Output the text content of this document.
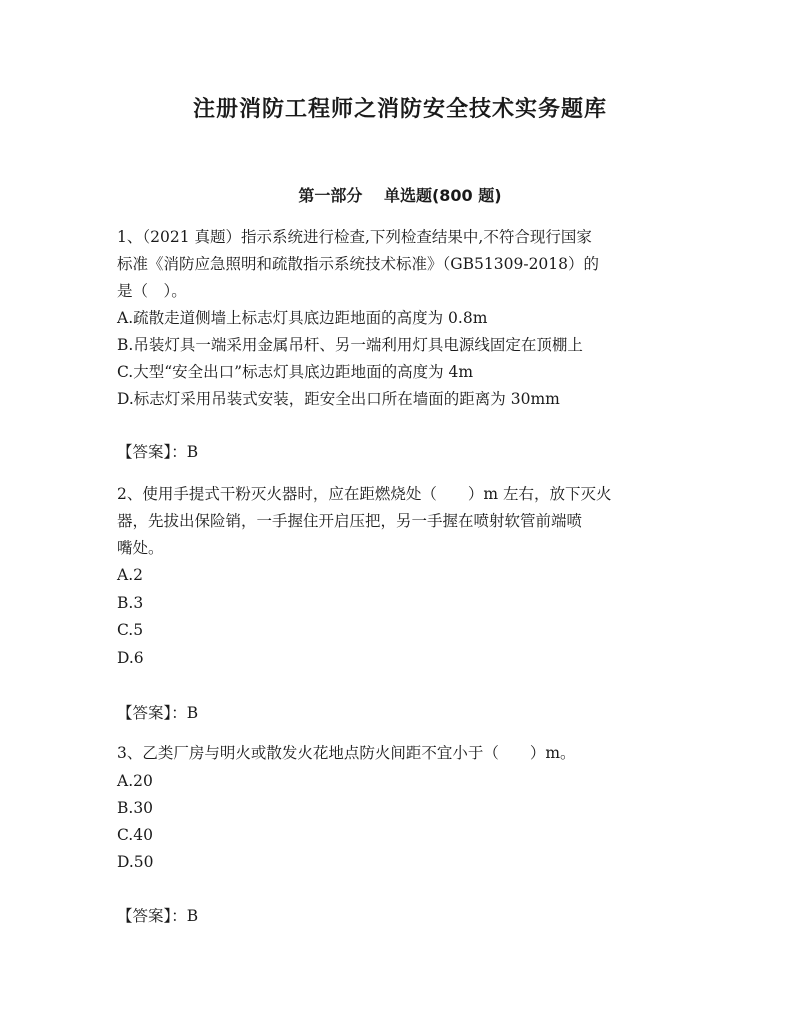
注册消防工程师之消防安全技术实务题库
第一部分　 单选题(800 题)
1、（2021 真题）指示系统进行检查,下列检查结果中,不符合现行国家
标准《消防应急照明和疏散指示系统技术标准》（GB51309-2018）的
是（　）。
A.疏散走道侧墙上标志灯具底边距地面的高度为 0.8m
B.吊装灯具一端采用金属吊杆、另一端利用灯具电源线固定在顶棚上
C.大型“安全出口”标志灯具底边距地面的高度为 4m
D.标志灯采用吊装式安装，距安全出口所在墙面的距离为 30mm
【答案】：B
2、使用手提式干粉灭火器时，应在距燃烧处（　　）m 左右，放下灭火
器，先拔出保险销，一手握住开启压把，另一手握在喷射软管前端喷
嘴处。
A.2
B.3
C.5
D.6
【答案】：B
3、乙类厂房与明火或散发火花地点防火间距不宜小于（　　）m。
A.20
B.30
C.40
D.50
【答案】：B
